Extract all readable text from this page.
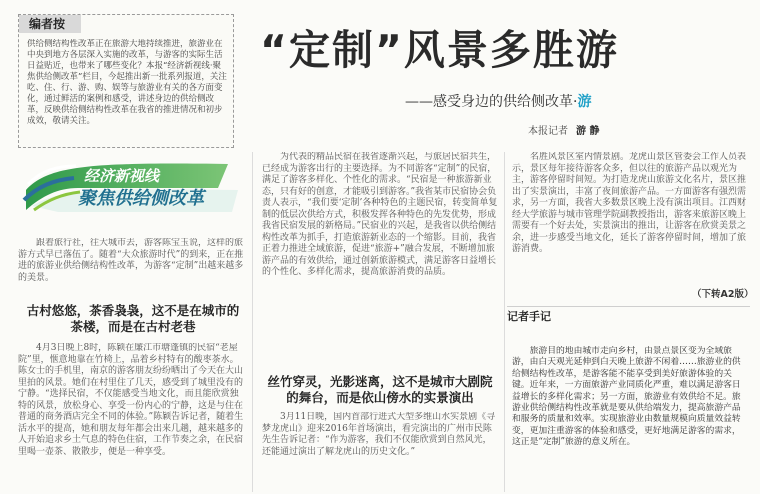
编者按
供给侧结构性改革正在旅游大地持续推进，旅游业在中央到地方各层深入实施的改革，与游客的实际生活日益贴近，也带来了哪些变化？本报“经济新视线·聚焦供给侧改革”栏目，今起推出新一批系列报道，关注吃、住、行、游、购、娱等与旅游业有关的各方面变化，通过鲜活的案例和感受，讲述身边的供给侧改革，反映供给侧结构性改革在我省的推进情况和初步成效，敬请关注。
“定制”风景多胜游
——感受身边的供给侧改革·游
本报记者 游 静
经济新视线
聚焦供给侧改革

跟着旅行社，往大城市去，游客陈宝玉说，这样的旅游方式早已落伍了。随着“大众旅游时代”的到来，正在推进的旅游业供给侧结构性改革，为游客“定制”出越来越多的美景。

古村悠悠，茶香袅袅，这不是在城市的茶楼，而是在古村老巷

4月3日晚上8时，陈颖在廉江市塘蓬镇的民宿“老屋院”里，惬意地靠在竹椅上，品着乡村特有的酸枣茶水。陈女士的手机里，南京的游客朋友纷纷晒出了今天在大山里拍的风景。她们在村里住了几天，感受到了城里没有的宁静。“选择民宿，不仅能感受当地文化，而且能欣赏独特的风景，放松身心、享受一份内心的宁静，这是与住在普通的商务酒店完全不同的体验。”陈颖告诉记者，随着生活水平的提高，她和朋友每年都会出来几趟，越来越多的人开始追求乡土气息的特色住宿，工作节奏之余，在民宿里喝一壶茶、散散步，便是一种享受。

为代表的精品民宿在我省逐渐兴起，与旅居民宿共生，已经成为游客出行的主要选择。为不同游客“定制”的民宿，满足了游客多样化、个性化的需求。“民宿是一种旅游新业态，只有好的创意，才能吸引到游客。”我省某市民宿协会负责人表示，“我们要‘定制’各种特色的主题民宿，转变简单复制的低层次供给方式，积极发挥各种特色的先发优势，形成我省民宿发展的新格局。”民宿业的兴起，是我省以供给侧结构性改革为抓手，打造旅游新业态的一个缩影。目前，我省正着力推进全域旅游，促进“旅游+”融合发展，不断增加旅游产品的有效供给，通过创新旅游模式，满足游客日益增长的个性化、多样化需求，提高旅游消费的品质。

丝竹穿灵，光影迷离，这不是城市大剧院的舞台，而是依山傍水的实景演出

3月11日晚，国内首部行进式大型多维山水实景剧《寻梦龙虎山》迎来2016年首场演出，看完演出的广州市民陈先生告诉记者：“作为游客，我们不仅能欣赏到自然风光，还能通过演出了解龙虎山的历史文化。”

名胜风景区室内情景剧。龙虎山景区管委会工作人员表示，景区每年接待游客众多，但以往的旅游产品以观光为主，游客停留时间短。为打造龙虎山旅游文化名片，景区推出了实景演出，丰富了夜间旅游产品。一方面游客有强烈需求，另一方面，我省大多数景区晚上没有演出项目。江西财经大学旅游与城市管理学院副教授指出，游客来旅游区晚上需要有一个好去处，实景演出的推出，让游客在欣赏美景之余，进一步感受当地文化，延长了游客停留时间，增加了旅游消费。

（下转A2版）
记者手记

旅游目的地由城市走向乡村，由景点景区变为全域旅游，由白天观光延伸到白天晚上旅游不闲着……旅游业的供给侧结构性改革，是游客能不能享受到美好旅游体验的关键。近年来，一方面旅游产业同质化严重，难以满足游客日益增长的多样化需求；另一方面，旅游业有效供给不足。旅游业供给侧结构性改革就是要从供给端发力，提高旅游产品和服务的质量和效率。实现旅游业由数量规模向质量效益转变，更加注重游客的体验和感受，更好地满足游客的需求，这正是“定制”旅游的意义所在。
